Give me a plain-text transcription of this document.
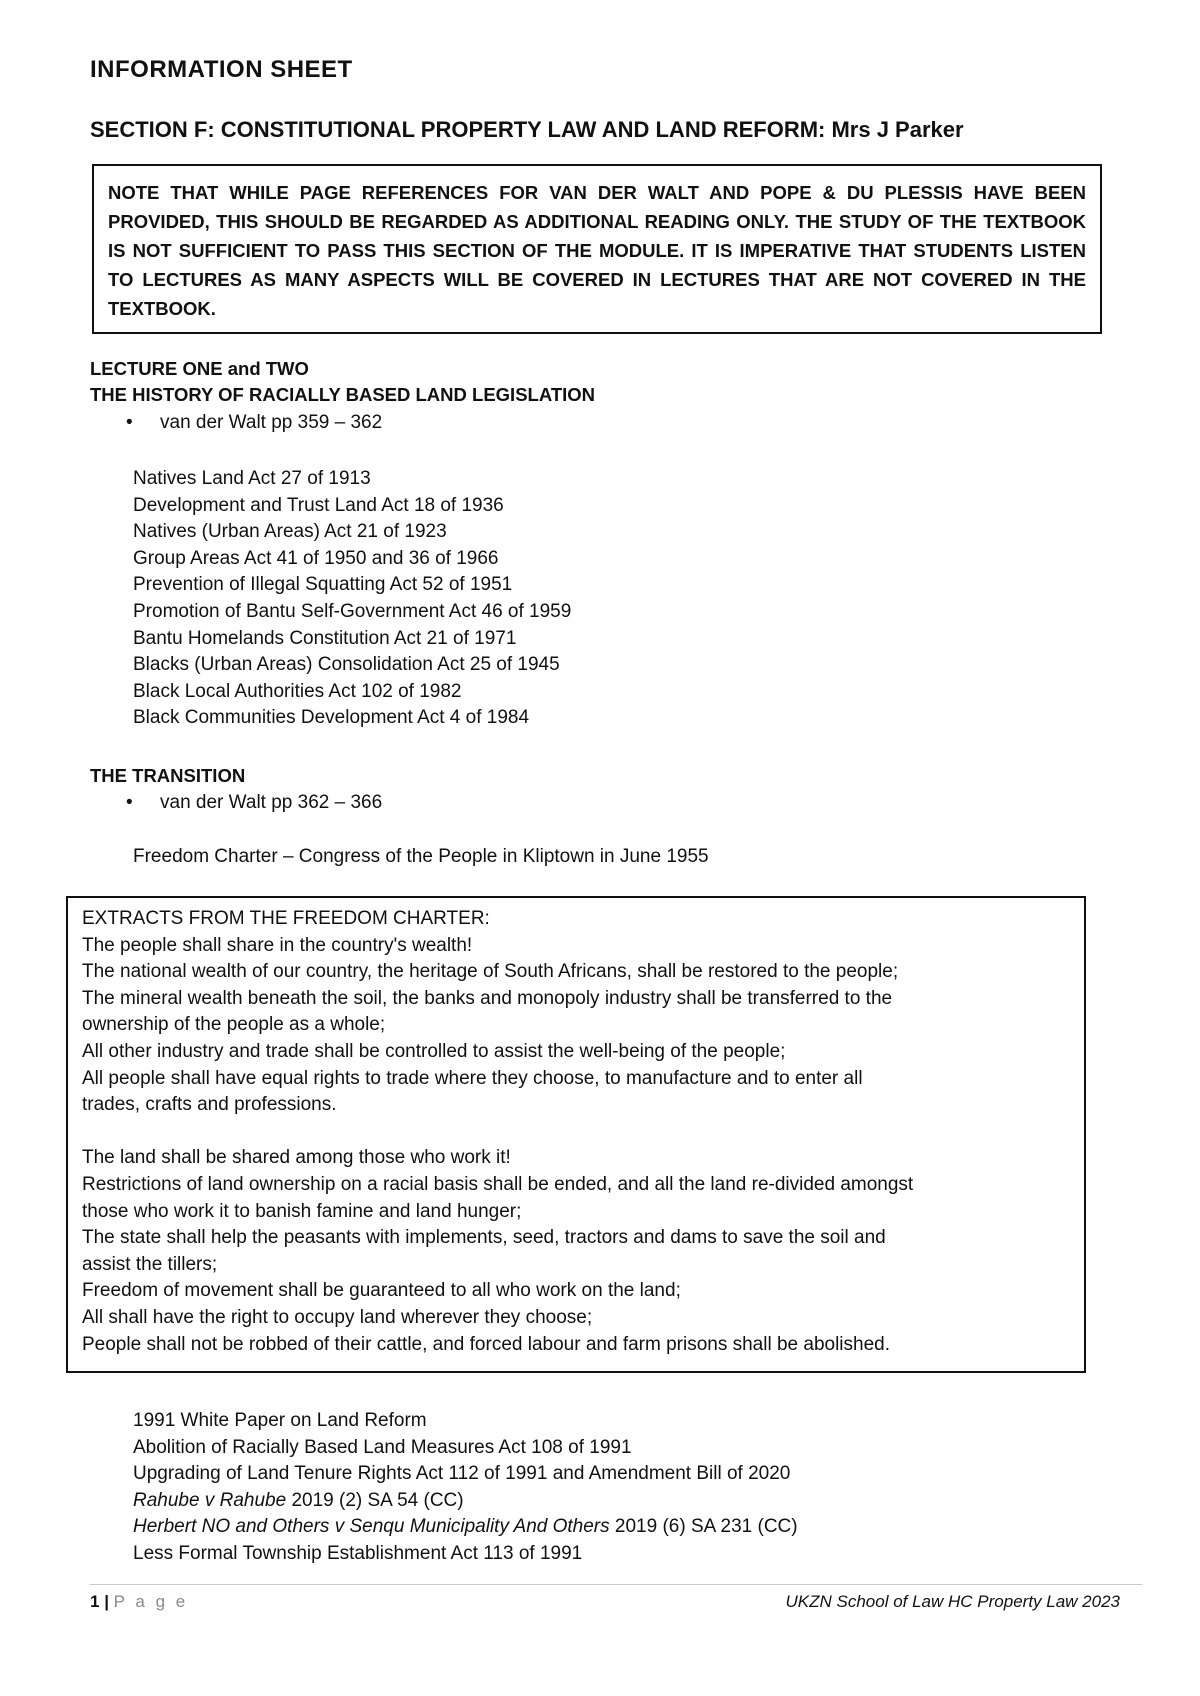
INFORMATION SHEET
SECTION F: CONSTITUTIONAL PROPERTY LAW AND LAND REFORM: Mrs J Parker

NOTE THAT WHILE PAGE REFERENCES FOR VAN DER WALT AND POPE & DU PLESSIS HAVE BEEN PROVIDED, THIS SHOULD BE REGARDED AS ADDITIONAL READING ONLY. THE STUDY OF THE TEXTBOOK IS NOT SUFFICIENT TO PASS THIS SECTION OF THE MODULE. IT IS IMPERATIVE THAT STUDENTS LISTEN TO LECTURES AS MANY ASPECTS WILL BE COVERED IN LECTURES THAT ARE NOT COVERED IN THE TEXTBOOK.

LECTURE ONE and TWO
THE HISTORY OF RACIALLY BASED LAND LEGISLATION
• van der Walt pp 359 – 362
Natives Land Act 27 of 1913
Development and Trust Land Act 18 of 1936
Natives (Urban Areas) Act 21 of 1923
Group Areas Act 41 of 1950 and 36 of 1966
Prevention of Illegal Squatting Act 52 of 1951
Promotion of Bantu Self-Government Act 46 of 1959
Bantu Homelands Constitution Act 21 of 1971
Blacks (Urban Areas) Consolidation Act 25 of 1945
Black Local Authorities Act 102 of 1982
Black Communities Development Act 4 of 1984
THE TRANSITION
• van der Walt pp 362 – 366
Freedom Charter – Congress of the People in Kliptown in June 1955
EXTRACTS FROM THE FREEDOM CHARTER:
The people shall share in the country's wealth!
The national wealth of our country, the heritage of South Africans, shall be restored to the people;
The mineral wealth beneath the soil, the banks and monopoly industry shall be transferred to the
ownership of the people as a whole;
All other industry and trade shall be controlled to assist the well-being of the people;
All people shall have equal rights to trade where they choose, to manufacture and to enter all
trades, crafts and professions.
The land shall be shared among those who work it!
Restrictions of land ownership on a racial basis shall be ended, and all the land re-divided amongst
those who work it to banish famine and land hunger;
The state shall help the peasants with implements, seed, tractors and dams to save the soil and
assist the tillers;
Freedom of movement shall be guaranteed to all who work on the land;
All shall have the right to occupy land wherever they choose;
People shall not be robbed of their cattle, and forced labour and farm prisons shall be abolished.
1991 White Paper on Land Reform
Abolition of Racially Based Land Measures Act 108 of 1991
Upgrading of Land Tenure Rights Act 112 of 1991 and Amendment Bill of 2020
Rahube v Rahube 2019 (2) SA 54 (CC)
Herbert NO and Others v Senqu Municipality And Others 2019 (6) SA 231 (CC)
Less Formal Township Establishment Act 113 of 1991
1 | P a g e	UKZN School of Law HC Property Law 2023
